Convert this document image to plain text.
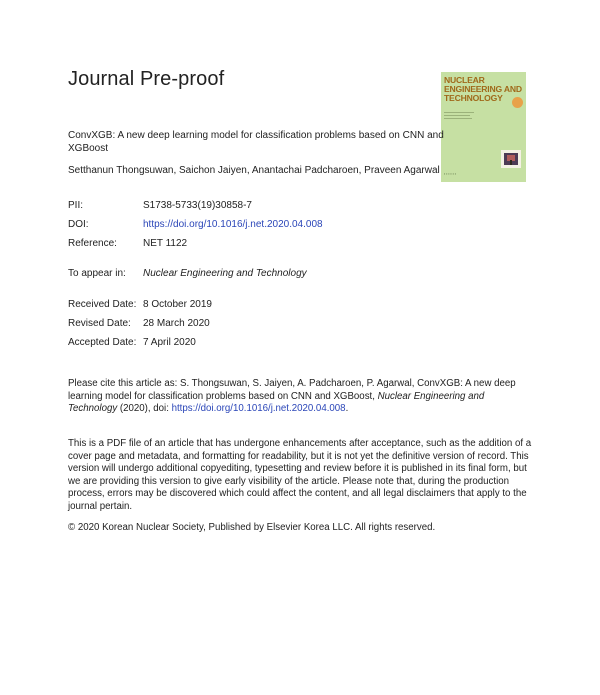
Journal Pre-proof	NUCLEAR ENGINEERING AND TECHNOLOGY
▪ ▪ ▪ ▪ ▪ ▪
ConvXGB: A new deep learning model for classification problems based on CNN and XGBoost
Setthanun Thongsuwan, Saichon Jaiyen, Anantachai Padcharoen, Praveen Agarwal
PII:	S1738-5733(19)30858-7
DOI:	https://doi.org/10.1016/j.net.2020.04.008
Reference:	NET 1122
To appear in: Nuclear Engineering and Technology
Received Date: 8 October 2019
Revised Date: 28 March 2020
Accepted Date: 7 April 2020
Please cite this article as: S. Thongsuwan, S. Jaiyen, A. Padcharoen, P. Agarwal, ConvXGB: A new deep learning model for classification problems based on CNN and XGBoost, Nuclear Engineering and Technology (2020), doi: https://doi.org/10.1016/j.net.2020.04.008.
This is a PDF file of an article that has undergone enhancements after acceptance, such as the addition of a cover page and metadata, and formatting for readability, but it is not yet the definitive version of record. This version will undergo additional copyediting, typesetting and review before it is published in its final form, but we are providing this version to give early visibility of the article. Please note that, during the production process, errors may be discovered which could affect the content, and all legal disclaimers that apply to the journal pertain.
© 2020 Korean Nuclear Society, Published by Elsevier Korea LLC. All rights reserved.
